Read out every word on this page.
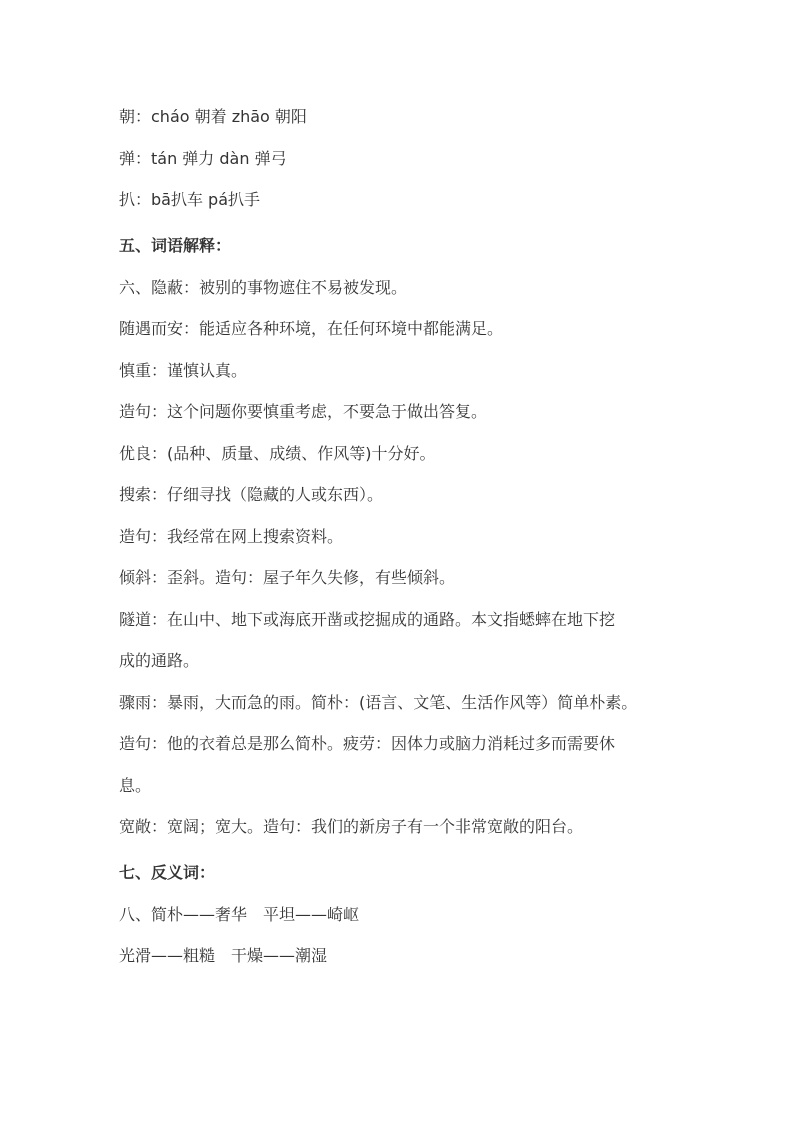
朝：cháo 朝着 zhāo 朝阳
弹：tán 弹力 dàn 弹弓
扒：bā扒车 pá扒手
五、词语解释：
六、隐蔽：被别的事物遮住不易被发现。
随遇而安：能适应各种环境，在任何环境中都能满足。
慎重：谨慎认真。
造句：这个问题你要慎重考虑，不要急于做出答复。
优良：(品种、质量、成绩、作风等)十分好。
搜索：仔细寻找（隐藏的人或东西）。
造句：我经常在网上搜索资料。
倾斜：歪斜。造句：屋子年久失修，有些倾斜。
隧道：在山中、地下或海底开凿或挖掘成的通路。本文指蟋蟀在地下挖
成的通路。
骤雨：暴雨，大而急的雨。简朴：(语言、文笔、生活作风等）简单朴素。
造句：他的衣着总是那么简朴。疲劳：因体力或脑力消耗过多而需要休
息。
宽敞：宽阔；宽大。造句：我们的新房子有一个非常宽敞的阳台。
七、反义词：
八、简朴——奢华　平坦——崎岖
光滑——粗糙　干燥——潮湿
